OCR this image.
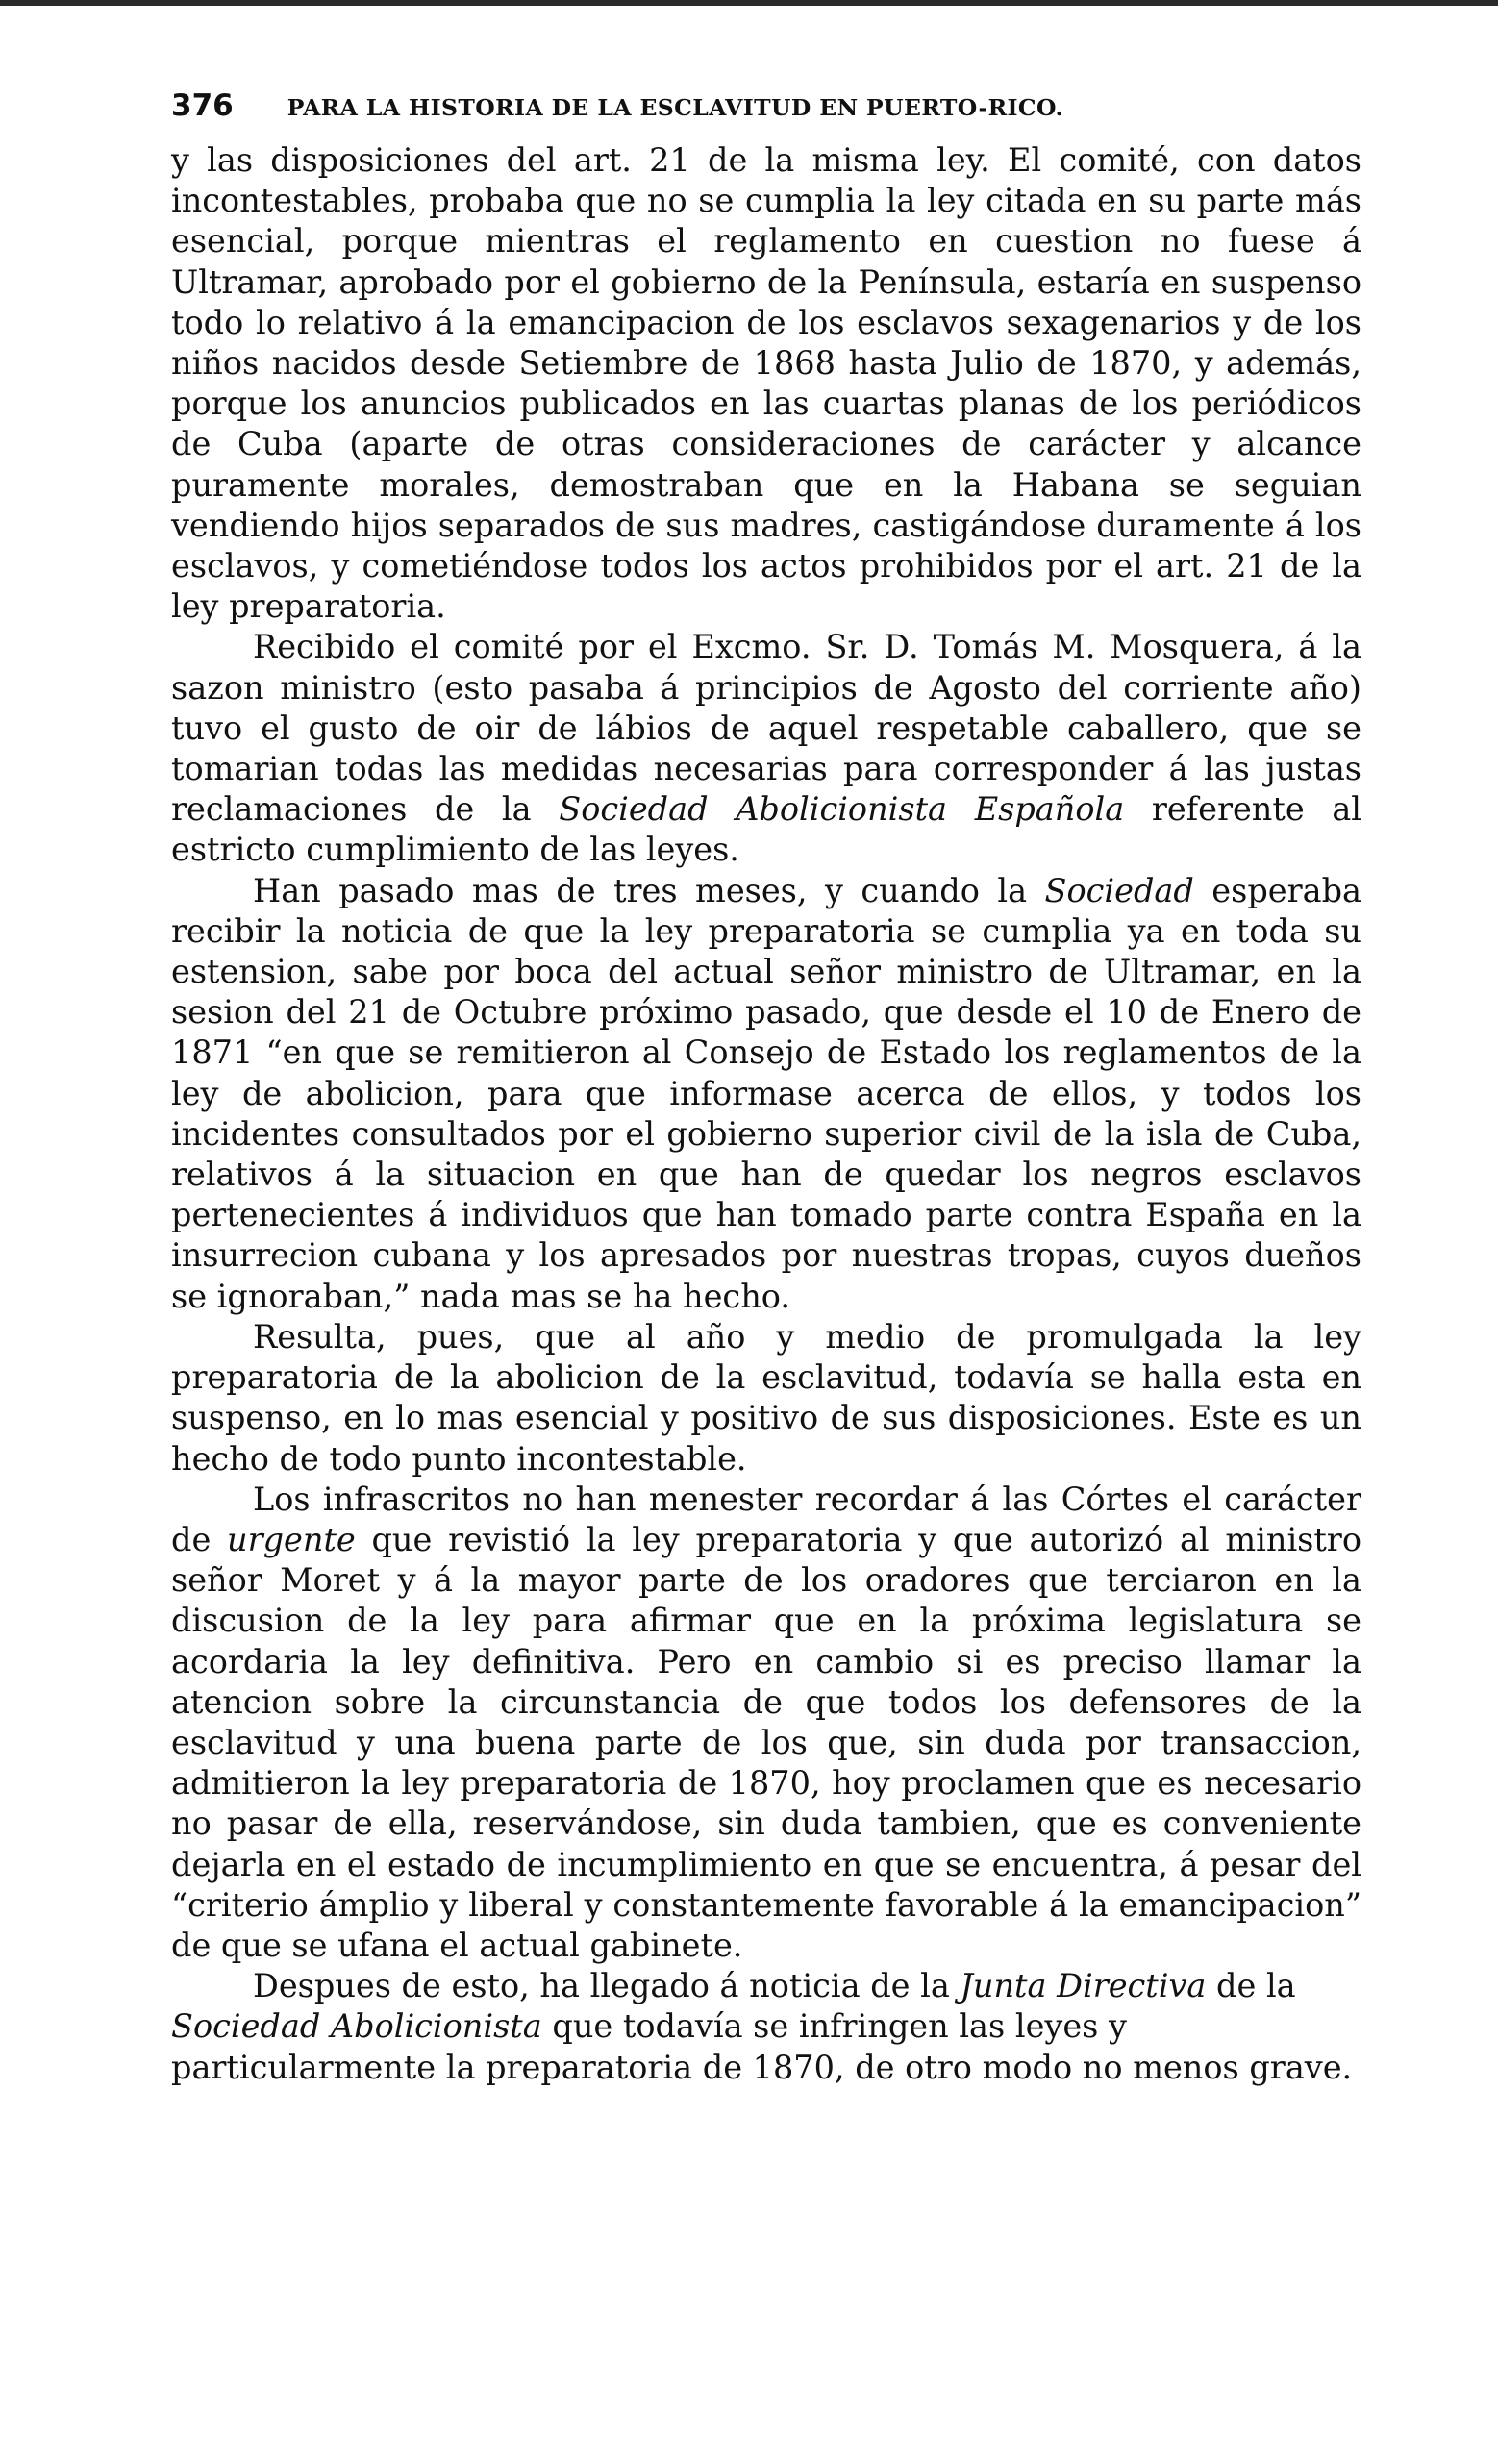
376 PARA LA HISTORIA DE LA ESCLAVITUD EN PUERTO-RICO.

y las disposiciones del art. 21 de la misma ley. El comité, con datos incontestables, probaba que no se cumplia la ley citada en su parte más esencial, porque mientras el reglamento en cuestion no fuese á Ultramar, aprobado por el gobierno de la Península, estaría en suspenso todo lo relativo á la emancipacion de los esclavos sexagenarios y de los niños nacidos desde Setiembre de 1868 hasta Julio de 1870, y además, porque los anuncios publicados en las cuartas planas de los periódicos de Cuba (aparte de otras consideraciones de carácter y alcance puramente morales, demostraban que en la Habana se seguian vendiendo hijos separados de sus madres, castigándose duramente á los esclavos, y cometiéndose todos los actos prohibidos por el art. 21 de la ley preparatoria.

Recibido el comité por el Excmo. Sr. D. Tomás M. Mosquera, á la sazon ministro (esto pasaba á principios de Agosto del corriente año) tuvo el gusto de oir de lábios de aquel respetable caballero, que se tomarian todas las medidas necesarias para corresponder á las justas reclamaciones de la Sociedad Abolicionista Española referente al estricto cumplimiento de las leyes.

Han pasado mas de tres meses, y cuando la Sociedad esperaba recibir la noticia de que la ley preparatoria se cumplia ya en toda su estension, sabe por boca del actual señor ministro de Ultramar, en la sesion del 21 de Octubre próximo pasado, que desde el 10 de Enero de 1871 “en que se remitieron al Consejo de Estado los reglamentos de la ley de abolicion, para que informase acerca de ellos, y todos los incidentes consultados por el gobierno superior civil de la isla de Cuba, relativos á la situacion en que han de quedar los negros esclavos pertenecientes á individuos que han tomado parte contra España en la insurrecion cubana y los apresados por nuestras tropas, cuyos dueños se ignoraban,” nada mas se ha hecho.

Resulta, pues, que al año y medio de promulgada la ley preparatoria de la abolicion de la esclavitud, todavía se halla esta en suspenso, en lo mas esencial y positivo de sus disposiciones. Este es un hecho de todo punto incontestable.

Los infrascritos no han menester recordar á las Córtes el carácter de urgente que revistió la ley preparatoria y que autorizó al ministro señor Moret y á la mayor parte de los oradores que terciaron en la discusion de la ley para afirmar que en la próxima legislatura se acordaria la ley definitiva. Pero en cambio si es preciso llamar la atencion sobre la circunstancia de que todos los defensores de la esclavitud y una buena parte de los que, sin duda por transaccion, admitieron la ley preparatoria de 1870, hoy proclamen que es necesario no pasar de ella, reservándose, sin duda tambien, que es conveniente dejarla en el estado de incumplimiento en que se encuentra, á pesar del “criterio ámplio y liberal y constantemente favorable á la emancipacion” de que se ufana el actual gabinete.

Despues de esto, ha llegado á noticia de la Junta Directiva de la Sociedad Abolicionista que todavía se infringen las leyes y particularmente la preparatoria de 1870, de otro modo no menos grave.
